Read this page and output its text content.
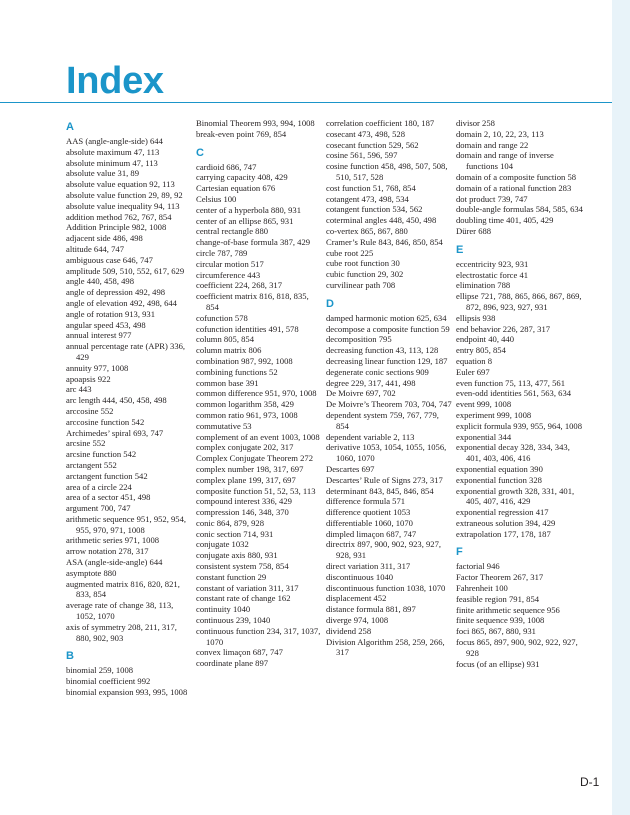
Index
A
AAS (angle-angle-side) 644
absolute maximum 47, 113
absolute minimum 47, 113
absolute value 31, 89
absolute value equation 92, 113
absolute value function 29, 89, 92
absolute value inequality 94, 113
addition method 762, 767, 854
Addition Principle 982, 1008
adjacent side 486, 498
altitude 644, 747
ambiguous case 646, 747
amplitude 509, 510, 552, 617, 629
angle 440, 458, 498
angle of depression 492, 498
angle of elevation 492, 498, 644
angle of rotation 913, 931
angular speed 453, 498
annual interest 977
annual percentage rate (APR) 336, 429
annuity 977, 1008
apoapsis 922
arc 443
arc length 444, 450, 458, 498
arccosine 552
arccosine function 542
Archimedes’ spiral 693, 747
arcsine 552
arcsine function 542
arctangent 552
arctangent function 542
area of a circle 224
area of a sector 451, 498
argument 700, 747
arithmetic sequence 951, 952, 954, 955, 970, 971, 1008
arithmetic series 971, 1008
arrow notation 278, 317
ASA (angle-side-angle) 644
asymptote 880
augmented matrix 816, 820, 821, 833, 854
average rate of change 38, 113, 1052, 1070
axis of symmetry 208, 211, 317, 880, 902, 903
B
binomial 259, 1008
binomial coefficient 992
binomial expansion 993, 995, 1008
Binomial Theorem 993, 994, 1008
break-even point 769, 854
C
cardioid 686, 747
carrying capacity 408, 429
Cartesian equation 676
Celsius 100
center of a hyperbola 880, 931
center of an ellipse 865, 931
central rectangle 880
change-of-base formula 387, 429
circle 787, 789
circular motion 517
circumference 443
coefficient 224, 268, 317
coefficient matrix 816, 818, 835, 854
cofunction 578
cofunction identities 491, 578
column 805, 854
column matrix 806
combination 987, 992, 1008
combining functions 52
common base 391
common difference 951, 970, 1008
common logarithm 358, 429
common ratio 961, 973, 1008
commutative 53
complement of an event 1003, 1008
complex conjugate 202, 317
Complex Conjugate Theorem 272
complex number 198, 317, 697
complex plane 199, 317, 697
composite function 51, 52, 53, 113
compound interest 336, 429
compression 146, 348, 370
conic 864, 879, 928
conic section 714, 931
conjugate 1032
conjugate axis 880, 931
consistent system 758, 854
constant function 29
constant of variation 311, 317
constant rate of change 162
continuity 1040
continuous 239, 1040
continuous function 234, 317, 1037, 1070
convex limaçon 687, 747
coordinate plane 897
correlation coefficient 180, 187
cosecant 473, 498, 528
cosecant function 529, 562
cosine 561, 596, 597
cosine function 458, 498, 507, 508, 510, 517, 528
cost function 51, 768, 854
cotangent 473, 498, 534
cotangent function 534, 562
coterminal angles 448, 450, 498
co-vertex 865, 867, 880
Cramer’s Rule 843, 846, 850, 854
cube root 225
cube root function 30
cubic function 29, 302
curvilinear path 708
D
damped harmonic motion 625, 634
decompose a composite function 59
decomposition 795
decreasing function 43, 113, 128
decreasing linear function 129, 187
degenerate conic sections 909
degree 229, 317, 441, 498
De Moivre 697, 702
De Moivre’s Theorem 703, 704, 747
dependent system 759, 767, 779, 854
dependent variable 2, 113
derivative 1053, 1054, 1055, 1056, 1060, 1070
Descartes 697
Descartes’ Rule of Signs 273, 317
determinant 843, 845, 846, 854
difference formula 571
difference quotient 1053
differentiable 1060, 1070
dimpled limaçon 687, 747
directrix 897, 900, 902, 923, 927, 928, 931
direct variation 311, 317
discontinuous 1040
discontinuous function 1038, 1070
displacement 452
distance formula 881, 897
diverge 974, 1008
dividend 258
Division Algorithm 258, 259, 266, 317
divisor 258
domain 2, 10, 22, 23, 113
domain and range 22
domain and range of inverse functions 104
domain of a composite function 58
domain of a rational function 283
dot product 739, 747
double-angle formulas 584, 585, 634
doubling time 401, 405, 429
Dürer 688
E
eccentricity 923, 931
electrostatic force 41
elimination 788
ellipse 721, 788, 865, 866, 867, 869, 872, 896, 923, 927, 931
ellipsis 938
end behavior 226, 287, 317
endpoint 40, 440
entry 805, 854
equation 8
Euler 697
even function 75, 113, 477, 561
even-odd identities 561, 563, 634
event 999, 1008
experiment 999, 1008
explicit formula 939, 955, 964, 1008
exponential 344
exponential decay 328, 334, 343, 401, 403, 406, 416
exponential equation 390
exponential function 328
exponential growth 328, 331, 401, 405, 407, 416, 429
exponential regression 417
extraneous solution 394, 429
extrapolation 177, 178, 187
F
factorial 946
Factor Theorem 267, 317
Fahrenheit 100
feasible region 791, 854
finite arithmetic sequence 956
finite sequence 939, 1008
foci 865, 867, 880, 931
focus 865, 897, 900, 902, 922, 927, 928
focus (of an ellipse) 931
D-1
